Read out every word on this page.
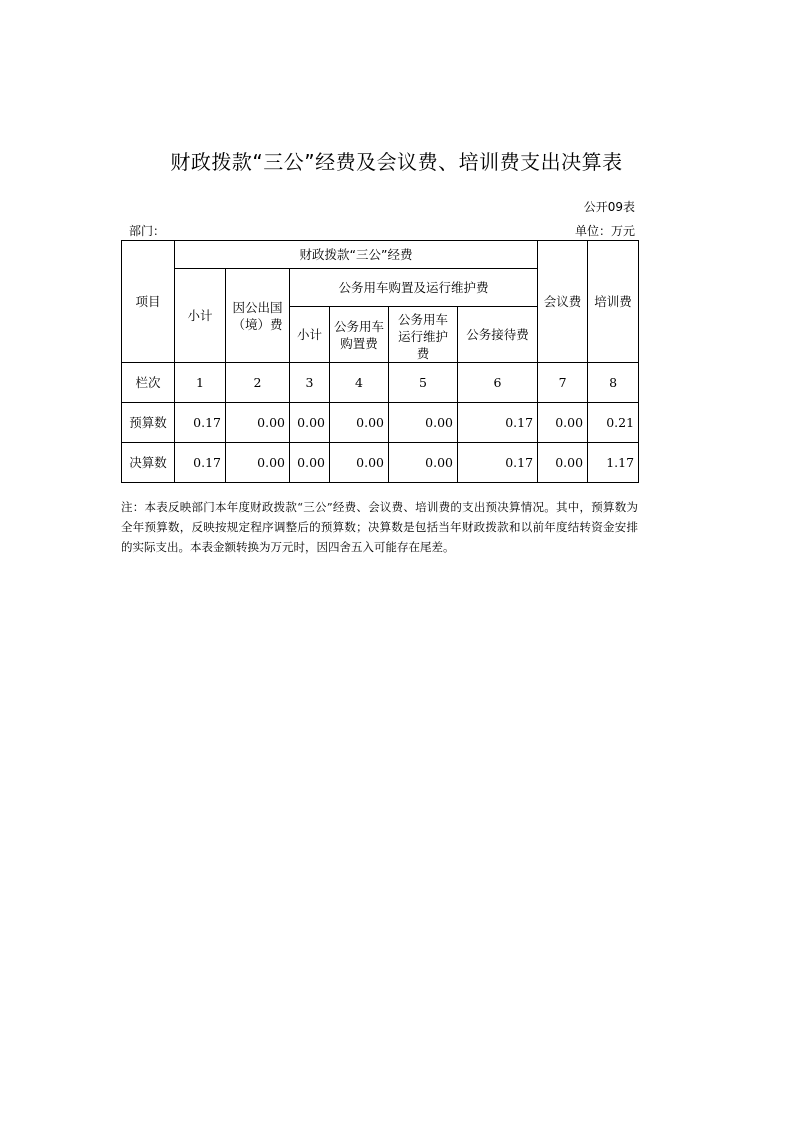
财政拨款“三公”经费及会议费、培训费支出决算表
公开09表
部门：	单位：万元
项目	财政拨款“三公”经费						会议费	培训费
	小计	因公出国（境）费	公务用车购置及运行维护费					
			小计	公务用车购置费	公务用车运行维护费	公务接待费		
栏次	1	2	3	4	5	6	7	8
预算数	0.17	0.00	0.00	0.00	0.00	0.17	0.00	0.21
决算数	0.17	0.00	0.00	0.00	0.00	0.17	0.00	1.17
注：本表反映部门本年度财政拨款“三公”经费、会议费、培训费的支出预决算情况。其中，预算数为全年预算数，反映按规定程序调整后的预算数；决算数是包括当年财政拨款和以前年度结转资金安排的实际支出。本表金额转换为万元时，因四舍五入可能存在尾差。
